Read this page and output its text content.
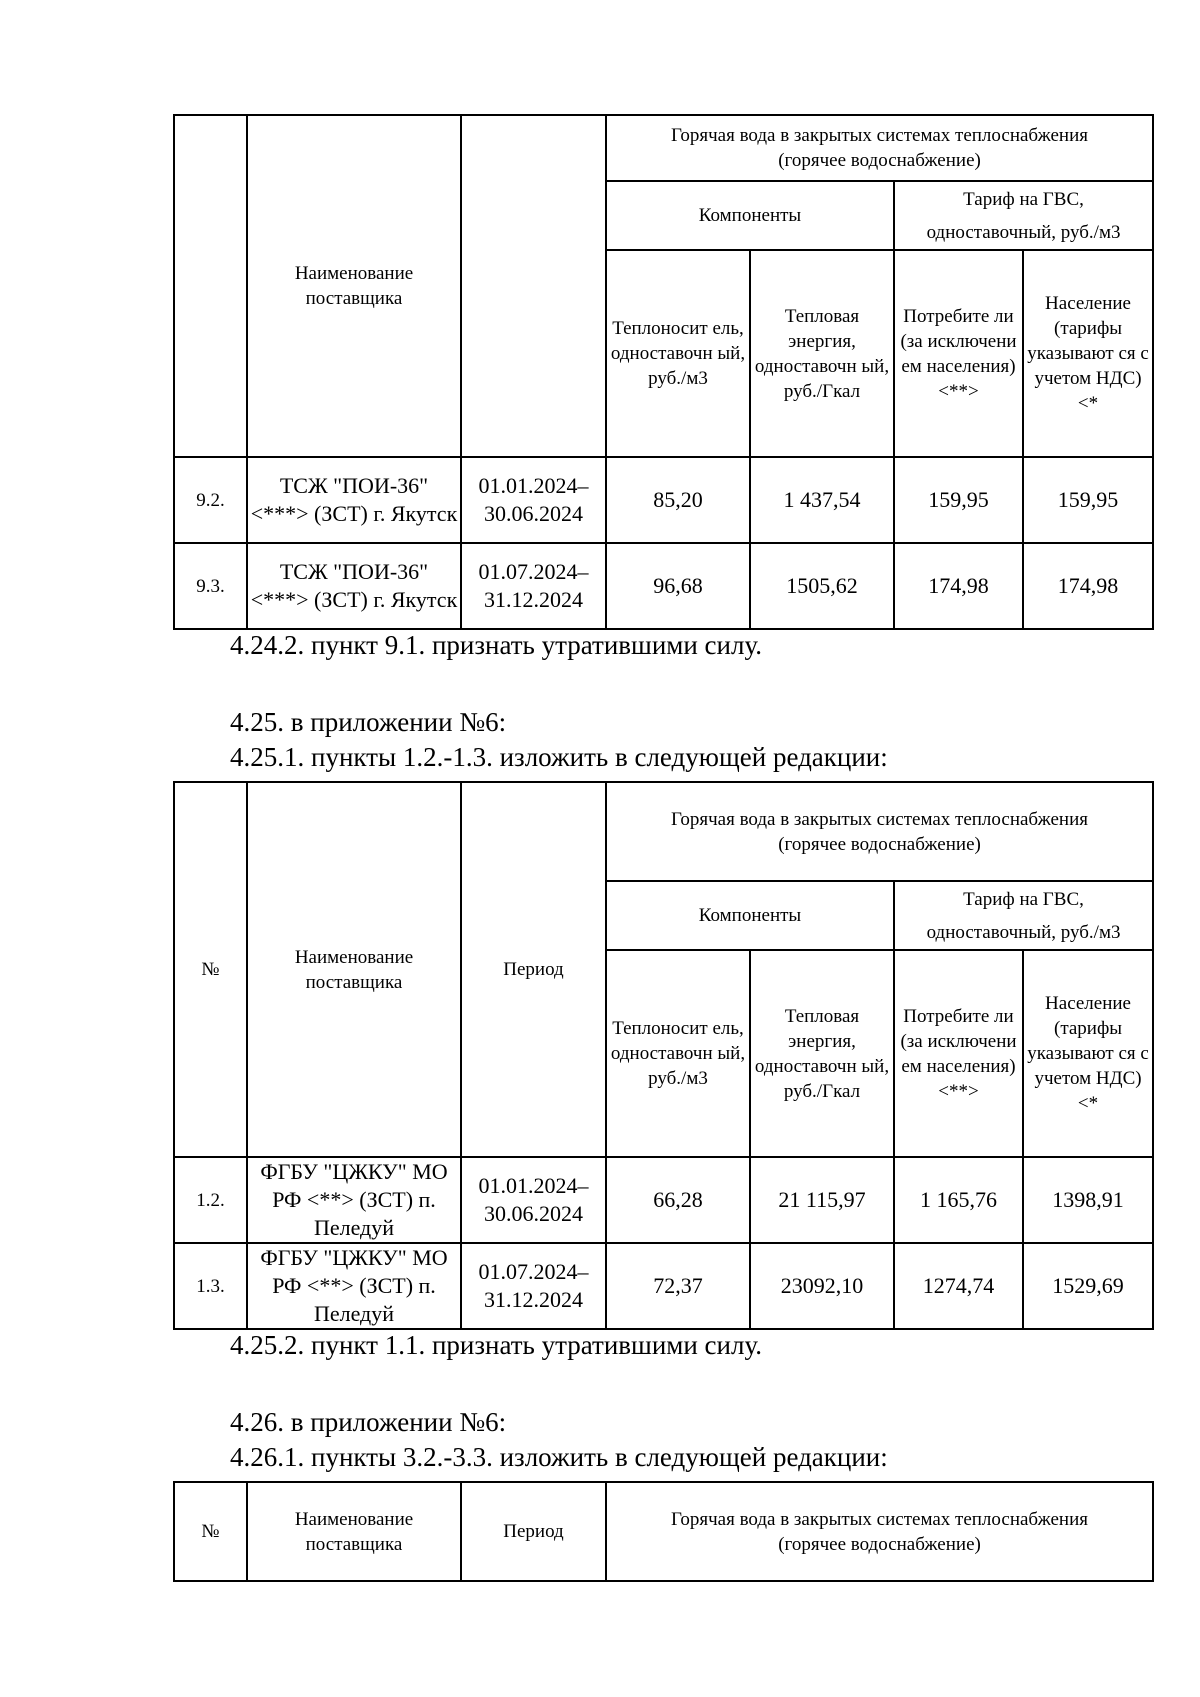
	Наименование поставщика		Горячая вода в закрытых системах теплоснабжения (горячее водоснабжение)			
			Компоненты		Тариф на ГВС, одноставочный, руб./м3	
			Теплоносит ель, одноставочн ый, руб./м3	Тепловая энергия, одноставочн ый, руб./Гкал	Потребите ли (за исключени ем населения) <**>	Население (тарифы указывают ся с учетом НДС) <*
9.2.	ТСЖ "ПОИ-36" <***> (ЗСТ) г. Якутск	01.01.2024– 30.06.2024	85,20	1 437,54	159,95	159,95
9.3.	ТСЖ "ПОИ-36" <***> (ЗСТ) г. Якутск	01.07.2024– 31.12.2024	96,68	1505,62	174,98	174,98
4.24.2. пункт 9.1. признать утратившими силу.
4.25. в приложении №6:
4.25.1. пункты 1.2.-1.3. изложить в следующей редакции:
№	Наименование поставщика	Период	Горячая вода в закрытых системах теплоснабжения (горячее водоснабжение)			
			Компоненты		Тариф на ГВС, одноставочный, руб./м3	
			Теплоносит ель, одноставочн ый, руб./м3	Тепловая энергия, одноставочн ый, руб./Гкал	Потребите ли (за исключени ем населения) <**>	Население (тарифы указывают ся с учетом НДС) <*
1.2.	ФГБУ "ЦЖКУ" МО РФ <**> (ЗСТ) п. Пеледуй	01.01.2024– 30.06.2024	66,28	21 115,97	1 165,76	1398,91
1.3.	ФГБУ "ЦЖКУ" МО РФ <**> (ЗСТ) п. Пеледуй	01.07.2024– 31.12.2024	72,37	23092,10	1274,74	1529,69
4.25.2. пункт 1.1. признать утратившими силу.
4.26. в приложении №6:
4.26.1. пункты 3.2.-3.3. изложить в следующей редакции:
№	Наименование поставщика	Период	Горячая вода в закрытых системах теплоснабжения (горячее водоснабжение)
